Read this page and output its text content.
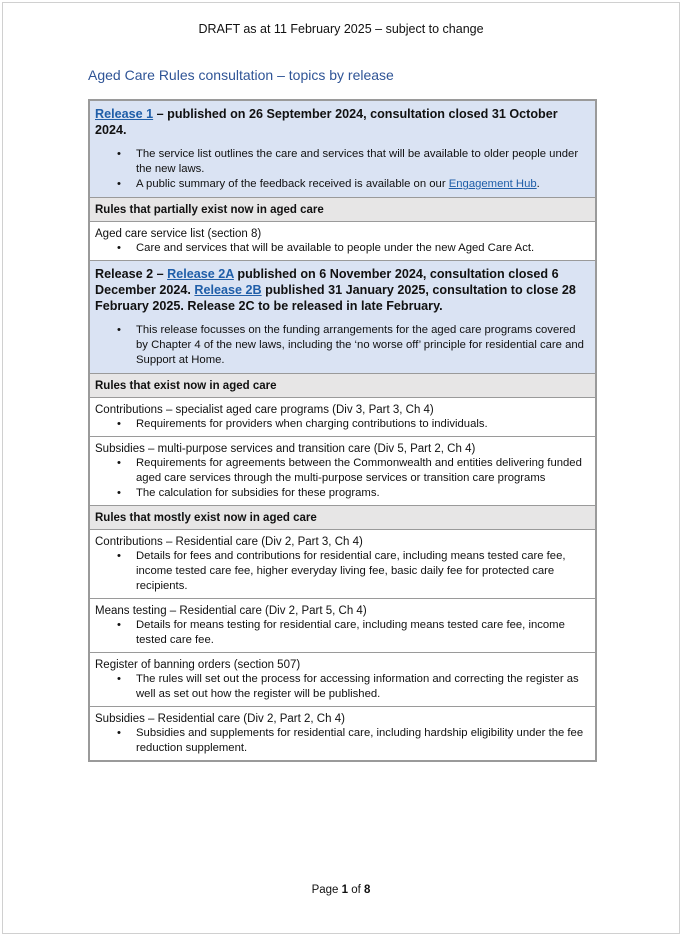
DRAFT as at 11 February 2025 – subject to change
Aged Care Rules consultation – topics by release
Release 1 – published on 26 September 2024, consultation closed 31 October 2024.
• The service list outlines the care and services that will be available to older people under the new laws.
• A public summary of the feedback received is available on our Engagement Hub.
Rules that partially exist now in aged care
Aged care service list (section 8)
• Care and services that will be available to people under the new Aged Care Act.
Release 2 – Release 2A published on 6 November 2024, consultation closed 6 December 2024. Release 2B published 31 January 2025, consultation to close 28 February 2025. Release 2C to be released in late February.
• This release focusses on the funding arrangements for the aged care programs covered by Chapter 4 of the new laws, including the ‘no worse off’ principle for residential care and Support at Home.
Rules that exist now in aged care
Contributions – specialist aged care programs (Div 3, Part 3, Ch 4)
• Requirements for providers when charging contributions to individuals.
Subsidies – multi-purpose services and transition care (Div 5, Part 2, Ch 4)
• Requirements for agreements between the Commonwealth and entities delivering funded aged care services through the multi-purpose services or transition care programs
• The calculation for subsidies for these programs.
Rules that mostly exist now in aged care
Contributions – Residential care (Div 2, Part 3, Ch 4)
• Details for fees and contributions for residential care, including means tested care fee, income tested care fee, higher everyday living fee, basic daily fee for protected care recipients.
Means testing – Residential care (Div 2, Part 5, Ch 4)
• Details for means testing for residential care, including means tested care fee, income tested care fee.
Register of banning orders (section 507)
• The rules will set out the process for accessing information and correcting the register as well as set out how the register will be published.
Subsidies – Residential care (Div 2, Part 2, Ch 4)
• Subsidies and supplements for residential care, including hardship eligibility under the fee reduction supplement.
Page 1 of 8
